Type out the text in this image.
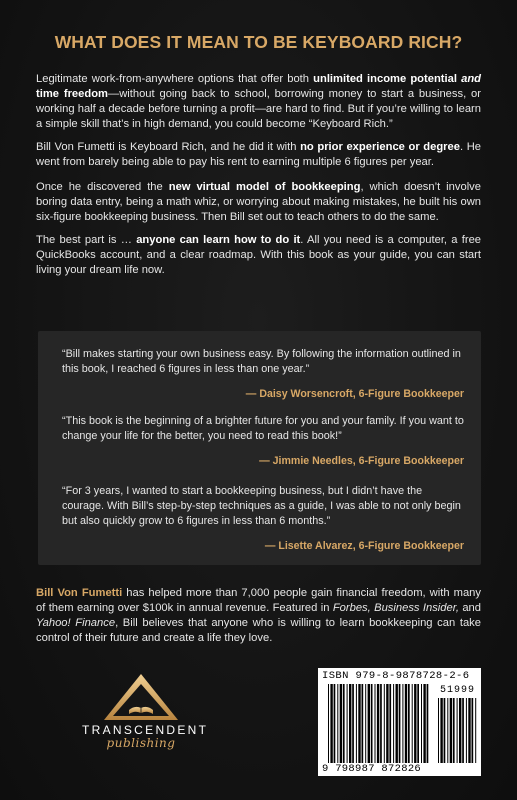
WHAT DOES IT MEAN TO BE KEYBOARD RICH?

Legitimate work-from-anywhere options that offer both unlimited income potential and time freedom—without going back to school, borrowing money to start a business, or working half a decade before turning a profit—are hard to find. But if you’re willing to learn a simple skill that’s in high demand, you could become “Keyboard Rich.”

Bill Von Fumetti is Keyboard Rich, and he did it with no prior experience or degree. He went from barely being able to pay his rent to earning multiple 6 figures per year.

Once he discovered the new virtual model of bookkeeping, which doesn’t involve boring data entry, being a math whiz, or worrying about making mistakes, he built his own six-figure bookkeeping business. Then Bill set out to teach others to do the same.

The best part is … anyone can learn how to do it. All you need is a computer, a free QuickBooks account, and a clear roadmap. With this book as your guide, you can start living your dream life now.

“Bill makes starting your own business easy. By following the information outlined in this book, I reached 6 figures in less than one year.”

— Daisy Worsencroft, 6-Figure Bookkeeper

“This book is the beginning of a brighter future for you and your family. If you want to change your life for the better, you need to read this book!”

— Jimmie Needles, 6-Figure Bookkeeper

“For 3 years, I wanted to start a bookkeeping business, but I didn’t have the courage. With Bill’s step-by-step techniques as a guide, I was able to not only begin but also quickly grow to 6 figures in less than 6 months.”

— Lisette Alvarez, 6-Figure Bookkeeper
Bill Von Fumetti has helped more than 7,000 people gain financial freedom, with many of them earning over $100k in annual revenue. Featured in Forbes, Business Insider, and Yahoo! Finance, Bill believes that anyone who is willing to learn bookkeeping can take control of their future and create a life they love.
TRANSCENDENT
publishing
ISBN 979-8-9878728-2-6
51999
9 798987 872826
